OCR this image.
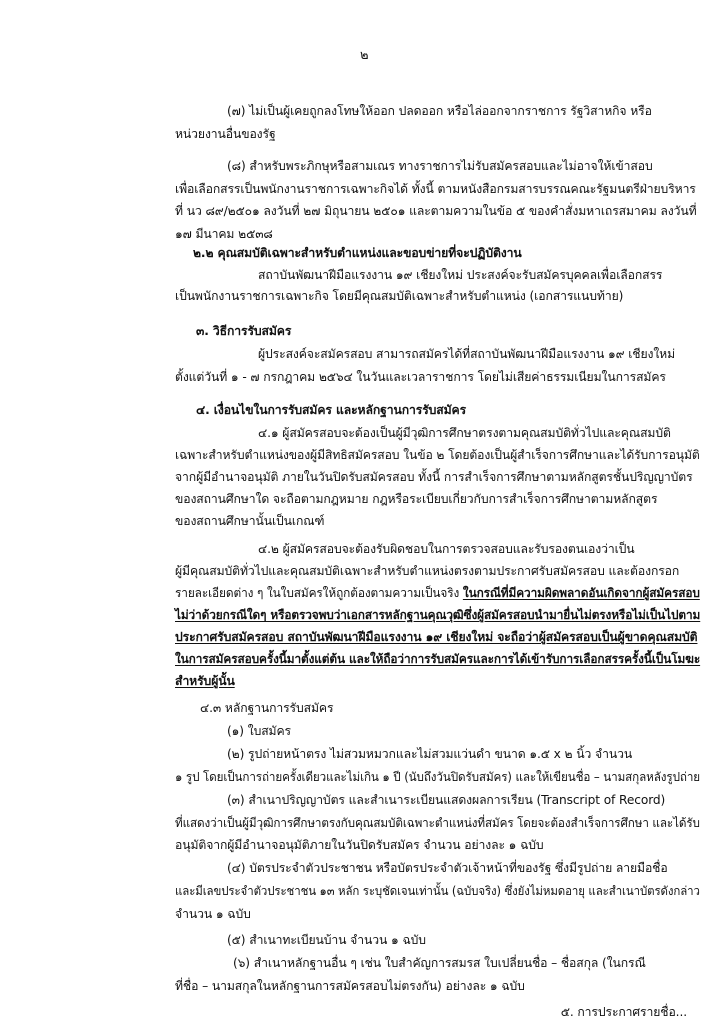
๒
(๗) ไม่เป็นผู้เคยถูกลงโทษให้ออก ปลดออก หรือไล่ออกจากราชการ รัฐวิสาหกิจ หรือ
หน่วยงานอื่นของรัฐ
(๘) สำหรับพระภิกษุหรือสามเณร ทางราชการไม่รับสมัครสอบและไม่อาจให้เข้าสอบ
เพื่อเลือกสรรเป็นพนักงานราชการเฉพาะกิจได้ ทั้งนี้ ตามหนังสือกรมสารบรรณคณะรัฐมนตรีฝ่ายบริหาร
ที่ นว ๘๙/๒๕๐๑ ลงวันที่ ๒๗ มิถุนายน ๒๕๐๑ และตามความในข้อ ๕ ของคำสั่งมหาเถรสมาคม ลงวันที่
๑๗ มีนาคม ๒๕๓๘
๒.๒ คุณสมบัติเฉพาะสำหรับตำแหน่งและขอบข่ายที่จะปฏิบัติงาน
สถาบันพัฒนาฝีมือแรงงาน ๑๙ เชียงใหม่ ประสงค์จะรับสมัครบุคคลเพื่อเลือกสรร
เป็นพนักงานราชการเฉพาะกิจ โดยมีคุณสมบัติเฉพาะสำหรับตำแหน่ง (เอกสารแนบท้าย)
๓. วิธีการรับสมัคร
ผู้ประสงค์จะสมัครสอบ สามารถสมัครได้ที่สถาบันพัฒนาฝีมือแรงงาน ๑๙ เชียงใหม่
ตั้งแต่วันที่ ๑ - ๗ กรกฎาคม ๒๕๖๔ ในวันและเวลาราชการ โดยไม่เสียค่าธรรมเนียมในการสมัคร
๔. เงื่อนไขในการรับสมัคร และหลักฐานการรับสมัคร
๔.๑ ผู้สมัครสอบจะต้องเป็นผู้มีวุฒิการศึกษาตรงตามคุณสมบัติทั่วไปและคุณสมบัติ
เฉพาะสำหรับตำแหน่งของผู้มีสิทธิสมัครสอบ ในข้อ ๒ โดยต้องเป็นผู้สำเร็จการศึกษาและได้รับการอนุมัติ
จากผู้มีอำนาจอนุมัติ ภายในวันปิดรับสมัครสอบ ทั้งนี้ การสำเร็จการศึกษาตามหลักสูตรชั้นปริญญาบัตร
ของสถานศึกษาใด จะถือตามกฎหมาย กฎหรือระเบียบเกี่ยวกับการสำเร็จการศึกษาตามหลักสูตร
ของสถานศึกษานั้นเป็นเกณฑ์
๔.๒ ผู้สมัครสอบจะต้องรับผิดชอบในการตรวจสอบและรับรองตนเองว่าเป็น
ผู้มีคุณสมบัติทั่วไปและคุณสมบัติเฉพาะสำหรับตำแหน่งตรงตามประกาศรับสมัครสอบ และต้องกรอก
รายละเอียดต่าง ๆ ในใบสมัครให้ถูกต้องตามความเป็นจริง ในกรณีที่มีความผิดพลาดอันเกิดจากผู้สมัครสอบ
ไม่ว่าด้วยกรณีใดๆ หรือตรวจพบว่าเอกสารหลักฐานคุณวุฒิซึ่งผู้สมัครสอบนำมายื่นไม่ตรงหรือไม่เป็นไปตาม
ประกาศรับสมัครสอบ สถาบันพัฒนาฝีมือแรงงาน ๑๙ เชียงใหม่ จะถือว่าผู้สมัครสอบเป็นผู้ขาดคุณสมบัติ
ในการสมัครสอบครั้งนี้มาตั้งแต่ต้น และให้ถือว่าการรับสมัครและการได้เข้ารับการเลือกสรรครั้งนี้เป็นโมฆะ
สำหรับผู้นั้น
๔.๓ หลักฐานการรับสมัคร
(๑) ใบสมัคร
(๒) รูปถ่ายหน้าตรง ไม่สวมหมวกและไม่สวมแว่นดำ ขนาด ๑.๕ x ๒ นิ้ว จำนวน
๑ รูป โดยเป็นการถ่ายครั้งเดียวและไม่เกิน ๑ ปี (นับถึงวันปิดรับสมัคร) และให้เขียนชื่อ – นามสกุลหลังรูปถ่าย
(๓) สำเนาปริญญาบัตร และสำเนาระเบียนแสดงผลการเรียน (Transcript of Record)
ที่แสดงว่าเป็นผู้มีวุฒิการศึกษาตรงกับคุณสมบัติเฉพาะตำแหน่งที่สมัคร โดยจะต้องสำเร็จการศึกษา และได้รับ
อนุมัติจากผู้มีอำนาจอนุมัติภายในวันปิดรับสมัคร จำนวน อย่างละ ๑ ฉบับ
(๔) บัตรประจำตัวประชาชน หรือบัตรประจำตัวเจ้าหน้าที่ของรัฐ ซึ่งมีรูปถ่าย ลายมือชื่อ
และมีเลขประจำตัวประชาชน ๑๓ หลัก ระบุชัดเจนเท่านั้น (ฉบับจริง) ซึ่งยังไม่หมดอายุ และสำเนาบัตรดังกล่าว
จำนวน ๑ ฉบับ
(๕) สำเนาทะเบียนบ้าน จำนวน ๑ ฉบับ
(๖) สำเนาหลักฐานอื่น ๆ เช่น ใบสำคัญการสมรส ใบเปลี่ยนชื่อ – ชื่อสกุล (ในกรณี
ที่ชื่อ – นามสกุลในหลักฐานการสมัครสอบไม่ตรงกัน) อย่างละ ๑ ฉบับ
๕. การประกาศรายชื่อ...
